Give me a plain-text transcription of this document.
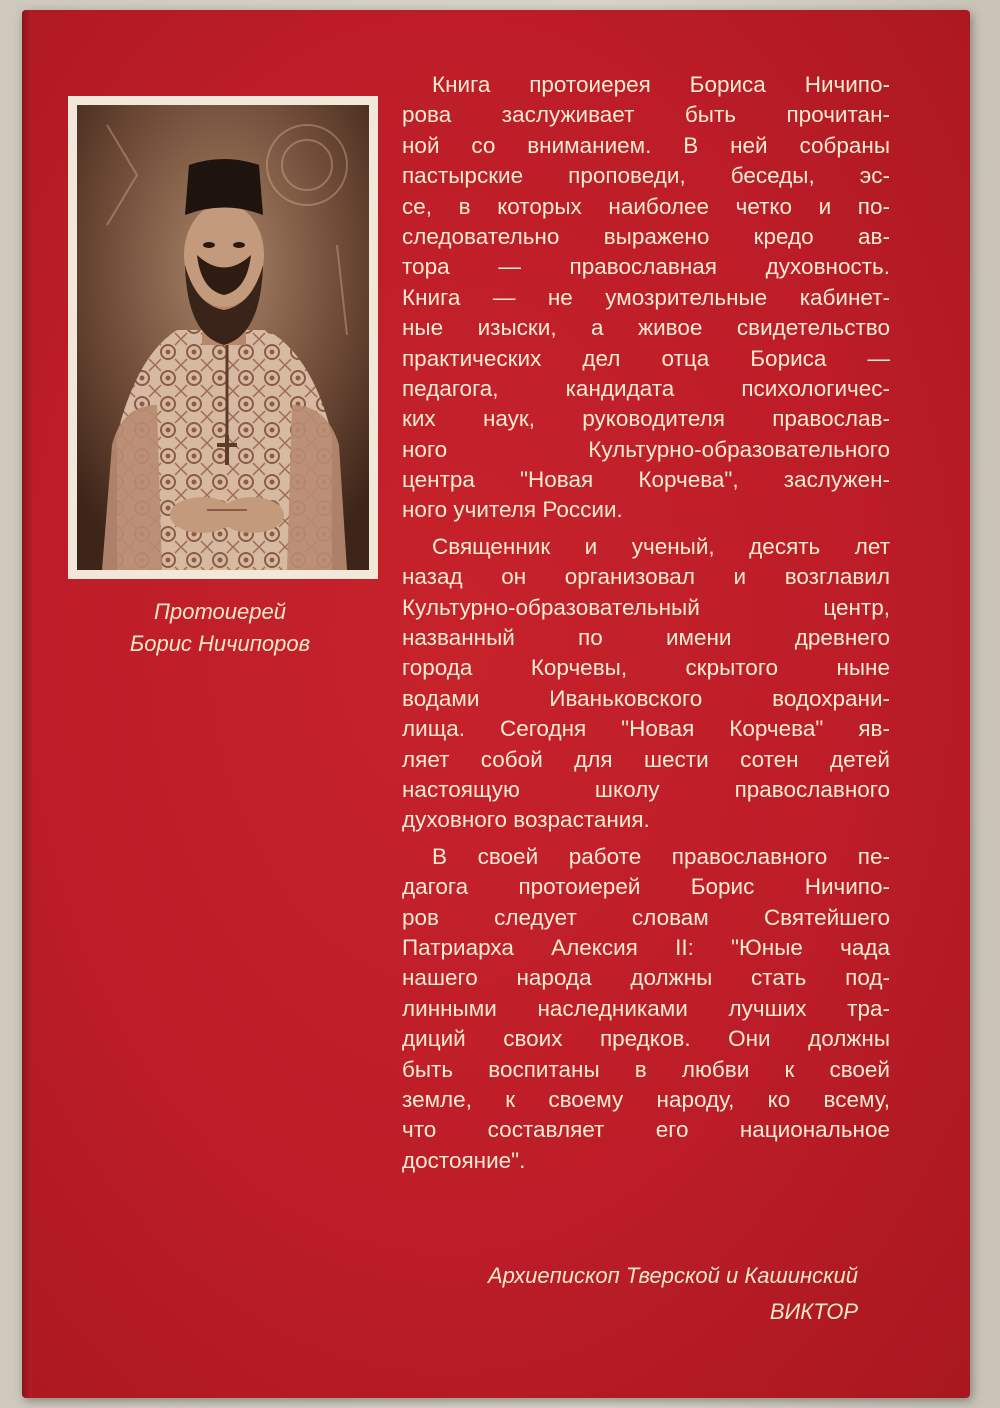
Протоиерей
Борис Ничипоров
Книга протоиерея Бориса Ничипо-
рова заслуживает быть прочитан-
ной со вниманием. В ней собраны
пастырские проповеди, беседы, эс-
се, в которых наиболее четко и по-
следовательно выражено кредо ав-
тора — православная духовность.
Книга — не умозрительные кабинет-
ные изыски, а живое свидетельство
практических дел отца Бориса —
педагога, кандидата психологичес-
ких наук, руководителя православ-
ного Культурно-образовательного
центра "Новая Корчева", заслужен-
ного учителя России.
Священник и ученый, десять лет
назад он организовал и возглавил
Культурно-образовательный центр,
названный по имени древнего
города Корчевы, скрытого ныне
водами Иваньковского водохрани-
лища. Сегодня "Новая Корчева" яв-
ляет собой для шести сотен детей
настоящую школу православного
духовного возрастания.
В своей работе православного пе-
дагога протоиерей Борис Ничипо-
ров следует словам Святейшего
Патриарха Алексия II: "Юные чада
нашего народа должны стать под-
линными наследниками лучших тра-
диций своих предков. Они должны
быть воспитаны в любви к своей
земле, к своему народу, ко всему,
что составляет его национальное
достояние".
Архиепископ Тверской и Кашинский
ВИКТОР
